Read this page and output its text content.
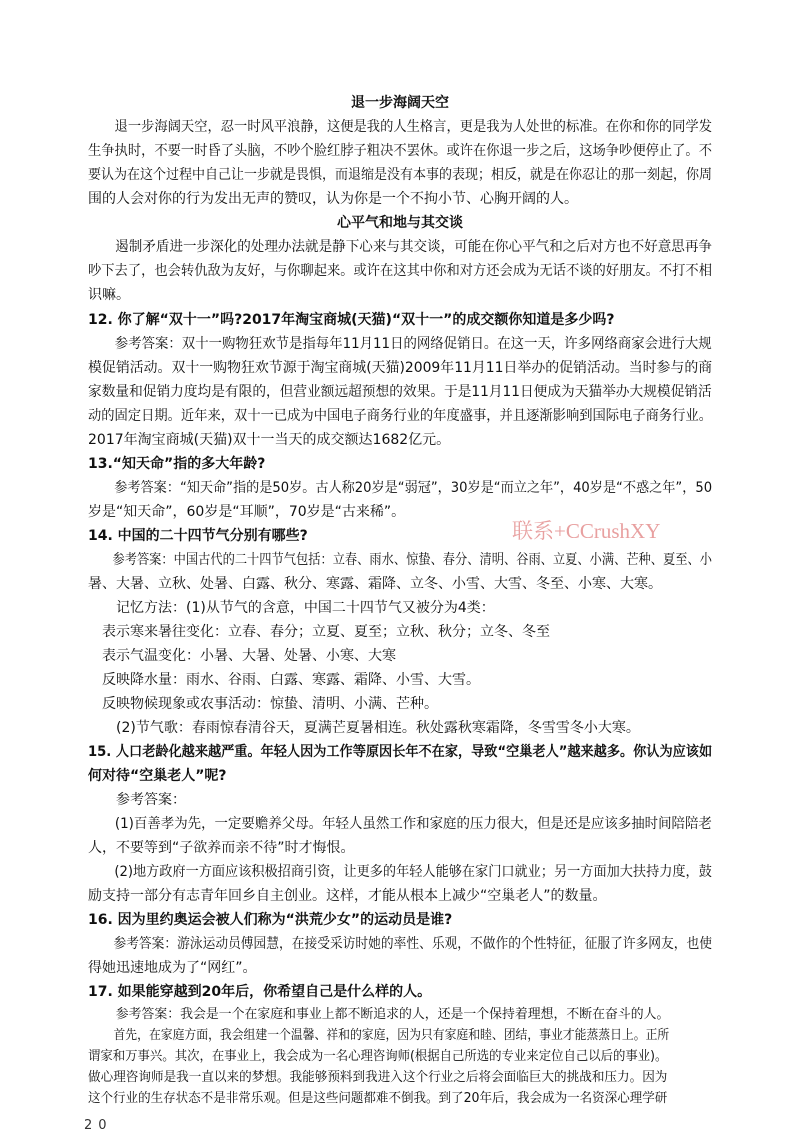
退一步海阔天空

退一步海阔天空，忍一时风平浪静，这便是我的人生格言，更是我为人处世的标准。在你和你的同学发
生争执时，不要一时昏了头脑，不吵个脸红脖子粗决不罢休。或许在你退一步之后，这场争吵便停止了。不
要认为在这个过程中自己让一步就是畏惧，而退缩是没有本事的表现；相反，就是在你忍让的那一刻起，你周
围的人会对你的行为发出无声的赞叹，认为你是一个不拘小节、心胸开阔的人。

心平气和地与其交谈

遏制矛盾进一步深化的处理办法就是静下心来与其交谈，可能在你心平气和之后对方也不好意思再争
吵下去了，也会转仇敌为友好，与你聊起来。或许在这其中你和对方还会成为无话不谈的好朋友。不打不相
识嘛。

12. 你了解“双十一”吗?2017年淘宝商城(天猫)“双十一”的成交额你知道是多少吗?

参考答案：双十一购物狂欢节是指每年11月11日的网络促销日。在这一天，许多网络商家会进行大规
模促销活动。双十一购物狂欢节源于淘宝商城(天猫)2009年11月11日举办的促销活动。当时参与的商
家数量和促销力度均是有限的，但营业额远超预想的效果。于是11月11日便成为天猫举办大规模促销活
动的固定日期。近年来，双十一已成为中国电子商务行业的年度盛事，并且逐渐影响到国际电子商务行业。
2017年淘宝商城(天猫)双十一当天的成交额达1682亿元。

13.“知天命”指的多大年龄?

参考答案：“知天命”指的是50岁。古人称20岁是“弱冠”，30岁是“而立之年”，40岁是“不惑之年”，50
岁是“知天命”，60岁是“耳顺”，70岁是“古来稀”。

14. 中国的二十四节气分别有哪些?

参考答案：中国古代的二十四节气包括：立春、雨水、惊蛰、春分、清明、谷雨、立夏、小满、芒种、夏至、小
暑、大暑、立秋、处暑、白露、秋分、寒露、霜降、立冬、小雪、大雪、冬至、小寒、大寒。
记忆方法：(1)从节气的含意，中国二十四节气又被分为4类：
表示寒来暑往变化：立春、春分；立夏、夏至；立秋、秋分；立冬、冬至
表示气温变化：小暑、大暑、处暑、小寒、大寒
反映降水量：雨水、谷雨、白露、寒露、霜降、小雪、大雪。
反映物候现象或农事活动：惊蛰、清明、小满、芒种。
(2)节气歌：春雨惊春清谷天，夏满芒夏暑相连。秋处露秋寒霜降，冬雪雪冬小大寒。

15. 人口老龄化越来越严重。年轻人因为工作等原因长年不在家，导致“空巢老人”越来越多。你认为应该如
何对待“空巢老人”呢?

参考答案：
(1)百善孝为先，一定要赡养父母。年轻人虽然工作和家庭的压力很大，但是还是应该多抽时间陪陪老
人，不要等到“子欲养而亲不待”时才悔恨。
(2)地方政府一方面应该积极招商引资，让更多的年轻人能够在家门口就业；另一方面加大扶持力度，鼓
励支持一部分有志青年回乡自主创业。这样，才能从根本上减少“空巢老人”的数量。

16. 因为里约奥运会被人们称为“洪荒少女”的运动员是谁?

参考答案：游泳运动员傅园慧，在接受采访时她的率性、乐观，不做作的个性特征，征服了许多网友，也使
得她迅速地成为了“网红”。

17. 如果能穿越到20年后，你希望自己是什么样的人。

参考答案：我会是一个在家庭和事业上都不断追求的人，还是一个保持着理想，不断在奋斗的人。
首先，在家庭方面，我会组建一个温馨、祥和的家庭，因为只有家庭和睦、团结，事业才能蒸蒸日上。正所
谓家和万事兴。其次，在事业上，我会成为一名心理咨询师(根据自己所选的专业来定位自己以后的事业)。
做心理咨询师是我一直以来的梦想。我能够预料到我进入这个行业之后将会面临巨大的挑战和压力。因为
这个行业的生存状态不是非常乐观。但是这些问题都难不倒我。到了20年后，我会成为一名资深心理学研

联系+CCrushXY
20
